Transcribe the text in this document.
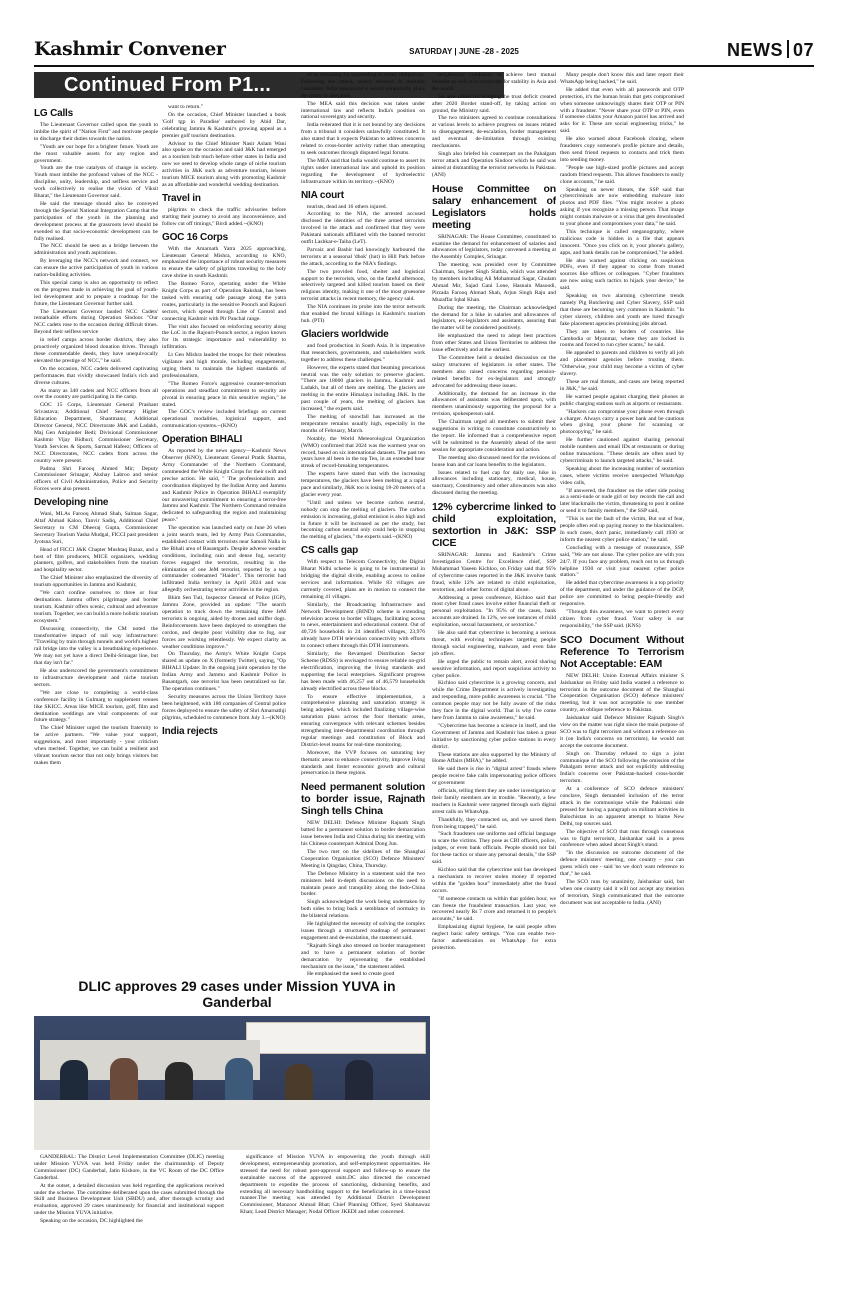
Kashmir Convener	SATURDAY | JUNE -28 - 2025	NEWS 07
Continued From P1...
LG Calls

The Lieutenant Governor called upon the youth to imbibe the spirit of "Nation First" and motivate people to discharge their duties towards the nation.

"Youth are our hope for a brighter future. Youth are the most valuable assets for any region and government.

Youth are the true catalysts of change in society. Youth must imbibe the profound values of the NCC - discipline, unity, leadership, and selfless service and work collectively to realise the vision of Viksit Bharat," the Lieutenant Governor said.

He said the message should also be conveyed through the Special National Integration Camp that the participation of the youth in the planning and development process at the grassroots level should be exended so that socio-economic development can be fully realised.

The NCC should be seen as a bridge between the administration and youth aspirations.

By leveraging the NCC's network and connect, we can ensure the active participation of youth in various nation-building activities.

This special camp is also an opportunity to reflect on the progress made in achieving the goal of youth-led development and to prepare a roadmap for the future, the Lieutenant Governor further said.

The Lieutenant Governor lauded NCC Cadets' remarkable efforts during Operation Sindoor. "Our NCC cadets rose to the occasion during difficult times. Beyond their selfless service

in relief camps across border districts, they also proactively organized blood donation drives. Through these commendable deeds, they have unequivocally elevated the prestige of NCC," he said.

On the occasion, NCC cadets delivered captivating performances that vividly showcased India's rich and diverse cultures.

As many as 340 cadets and NCC officers from all over the country are participating in the camp.

GOC 15 Corps, Lieutenant General Prashant Srivastava; Additional Chief Secretary Higher Education Department, Shantmanu; Additional Director General, NCC Directorate J&K and Ladakh, Maj Gen Amipinder Bedi; Divisional Commissioner Kashmir Vijay Bidhuri; Commissioner Secretary, Youth Services & Sports, Sarmad Hafeez; Officers of NCC Directorates, NCC cadets from across the country were present.

Padma Shri Farooq Ahmed Mir; Deputy Commissioner Srinagar, Akshay Labroo and senior officers of Civil Administration, Police and Security Forces were also present.

Developing nine

Wani, MLAs Farooq Ahmad Shah, Salman Sagar, Altaf Ahmad Kaloo, Tanvir Sadiq, Additional Chief Secretary to CM Dheeraj Gupta, Commissioner Secretary Tourism Yasha Mudgal, FICCI past president Jyotsna Suri,

Head of FICCI J&K Chapter Mushtaq Bazaz, and a host of film producers, MICE organizers, wedding planners, golfers, and stakeholders from the tourism and hospitality sector.

The Chief Minister also emphasized the diversity of tourism opportunities in Jammu and Kashmir,

"We can't confine ourselves to three or four destinations. Jammu offers pilgrimage and border tourism. Kashmir offers scenic, cultural and adventure tourism. Together, we can build a more holistic tourism ecosystem."

Discussing connectivity, the CM noted the transformative impact of rail way infrastructure: "Traveling by train through tunnels and world's highest rail bridge into the valley is a breathtaking experience. We may not yet have a direct Delhi-Srinagar line, but that day isn't far."

He also underscored the government's commitment to infrastructure development and niche tourism sectors.

"We are close to completing a world-class conference facility in Gulmarg to supplement venues like SKICC. Areas like MICE tourism, golf, film and destination weddings are vital components of our future strategy."

The Chief Minister urged the tourism fraternity to be active partners. "We value your support, suggestions, and most importantly - your criticism when merited. Together, we can build a resilient and vibrant tourism sector that not only brings visitors but makes them

want to return."

On the occasion, Chief Minister launched a book 'Golf tgp in Paradise' authored by Abid Dar, celebrating Jammu & Kashmir's growing appeal as a premier golf tourism destination.

Advisor to the Chief Minister Nasir Aslam Wani also spoke on the occasion and said J&K had emerged as a tourism hub much before other states in India and now we need to develop whole range of niche tourism activities in J&K such as adventure tourism, leisure tourism MICE tourism along with promoting Kashmir as an affordable and wonderful wedding destination.

Travel in

pilgrims to check the traffic advisories before starting their journey to avoid any inconvenience, and follow cut off timings," Birdi added.--(KNO)

GOC 16 Corps

With the Amarnath Yatra 2025 approaching, Lieutenant General Mishra, according to KNO, emphasized the importance of robust security measures to ensure the safety of pilgrims traveling to the holy cave shrine in south Kashmir.

The Romeo Force, operating under the White Knight Corps as part of Operation Rakshak, has been tasked with ensuring safe passage along the yatra routes, particularly in the sensitive Poonch and Rajouri sectors, which spread through Line of Control and connecting Kashmir with Pir Panchal range.

The visit also focused on reinforcing security along the LoC in the Rajouri-Poonch sector, a region known for its strategic importance and vulnerability to infiltration.

Lt Gen Mishra lauded the troops for their relentless vigilance and high morale, including engagements, urging them to maintain the highest standards of professionalism,

"The Romeo Force's aggressive counter-terrorism operations and steadfast commitment to security are pivotal in ensuring peace in this sensitive region," he stated.

The GOC's review included briefings on current operational modalities, logistical support, and communication systems.--(KNO)

Operation BIHALI

As reported by the news agency—Kashmir News Observer (KNO), Lieutenant General Pratik Sharma, Army Commander of the Northern Command, commended the White Knight Corps for their swift and precise action. He said, " The professionalism and coordination displayed by the Indian Army and Jammu and Kashmir Police in Operation BIHALI exemplify our unwavering commitment to ensuring a terror-free Jammu and Kashmir. The Northern Command remains dedicated to safeguarding the region and maintaining peace."

The operation was launched early on June 26 when a joint search team, led by Army Para Commandos, established contact with terrorists near Samoli Nalla in the Bihali area of Basantgarh. Despite adverse weather conditions, including rain and dense fog, security forces engaged the terrorists, resulting in the elimination of one JeM terrorist, reported by a top commander codenamed "Haider". This terrorist had infiltrated India territory in April 2024 and was allegedly orchestrating terror activities in the region.

Bhim Sen Tuti, Inspector General of Police (IGP), Jammu Zone, provided an update: "The search operation to track down the remaining three JeM terrorists is ongoing, aided by drones and sniffer dogs. Reinforcements have been deployed to strengthen the cordon, and despite poor visibility due to fog, our forces are working relentlessly. We expect clarity as weather conditions improve."

On Thursday, the Army's White Knight Corps shared an update on X (formerly Twitter), saying, "Op BIHALI Update: In the ongoing joint operation by the Indian Army and Jammu and Kashmir Police in Basantgarh, one terrorist has been neutralized so far. The operation continues."

Security measures across the Union Territory have been heightened, with 180 companies of Central police forces deployed to ensure the safety of Shri Amarnathji pilgrims, scheduled to commence from July 3.--(KNO)

India rejects

of its reasoning for suspending its treaty obligations. Following the attack, which resulted in multiple casualties, India announced it would temporarily place the treaty in abeyance.

The MEA said this decision was taken under international law and reflects India's position on national sovereignty and security.

India reiterated that it is not bound by any decisions from a tribunal it considers unlawfully constituted. It also stated that it expects Pakistan to address concerns related to cross-border activity rather than attempting to seek outcomes through disputed legal forums.

The MEA said that India would continue to assert its rights under international law and uphold its position regarding the development of hydroelectric infrastructure within its territory.--(KNO)

NIA court

tourists, dead and 16 others injured.

According to the NIA, the arrested accused disclosed the identities of the three armed terrorists involved in the attack and confirmed that they were Pakistani nationals affiliated with the banned terrorist outfit Lashkar-e-Taiba (LeT).

Parvaiz and Bashir had knowingly harboured the terrorists at a seasonal 'dhok' (hut) in Hill Park before the attack, according to the NIA's findings.

The two provided food, shelter and logistical support to the terrorists, who, on the fateful afternoon, selectively targeted and killed tourists based on their religious identity, making it one of the most gruesome terrorist attacks in recent memory, the agency said.

The NIA continues its probe into the terror network that enabled the brutal killings in Kashmir's tourism hub. (PTI)

Glaciers worldwide

and food production in South Asia. It is imperative that researchers, governments, and stakeholders work together to address these challenges."

However, the experts stated that beaming precarious neutral was the only solution to preserve glaciers. "There are 18000 glaciers in Jammu, Kashmir and Ladakh, but all of them are melting. The glaciers are melting in the entire Himalaya including J&K. In the past couple of years, the melting of glaciers has increased," the experts said.

The melting of snowfall has increased as the temperature remains usually high, especially in the months of February, March.

Notably, the World Meteorological Organization (WMO) confirmed that 2024 was the warmest year on record, based on six international datasets. The past ten years have all been in the top Ten, in an extended hour streak of record-breaking temperatures.

The experts have stated that with the increasing temperatures, the glaciers have been melting at a rapid pace and similarly, J&K too is losing 18-20 meters of a glacier every year.

"Until and unless we become carbon neutral, nobody can stop the melting of glaciers. The carbon emission is increasing, global emission is also high and in future it will be increased as per the study, but becoming carbon neutral only could help in stopping the melting of glaciers," the experts said.--(KNO)

CS calls gap

With respect to Telecom Connectivity, the Digital Bharat Nidhi scheme is going to be instrumental in bridging the digital divide, enabling access to online services and information. While 83 villages are currently covered, plans are in motion to connect the remaining 41 villages.

Similarly, the Broadcasting Infrastructure and Network Development (BIND) scheme is extending television access to border villages, facilitating access to news, entertainment and educational content. Out of 40,726 households in 24 identified villages, 23,976 already have DTH television connectivity with efforts to connect others through this DTH instruments.

Similarly, the Revamped Distribution Sector Scheme (RDSS) is envisaged to ensure reliable on-grid electrification, improving the living standards and supporting the local enterprises. Significant progress has been made with 46,257 out of 46,579 households already electrified across these blocks.

To ensure effective implementation, a comprehensive planning and saturation strategy is being adopted, which included finalizing village-wise saturation plans across the four thematic areas, ensuring convergence with relevant schemes besides strengthening inter-departmental coordination through regular meetings and constitution of Block and District-level teams for real-time monitoring.

Moreover, the VVP focuses on saturating key thematic areas to enhance connectivity, improve living standards and foster economic growth and cultural preservation in these regions.

Need permanent solution to border issue, Rajnath Singh tells China

NEW DELHI: Defence Minister Rajnath Singh batted for a permanent solution to border demarcation issue between India and China during his meeting with his Chinese counterpart Admiral Dong Jun.

The two met on the sidelines of the Shanghai Cooperation Organisation (SCO) Defence Ministers' Meeting in Qingdao, China, Thursday.

The Defence Ministry in a statement said the two ministers held in-depth discussions on the need to maintain peace and tranquility along the Indo-China border.

Singh acknowledged the work being undertaken by both sides to bring back a semblance of normalcy in the bilateral relations.

He highlighted the necessity of solving the complex issues through a structured roadmap of permanent engagement and de-escalation, the statement said.

"Rajnath Singh also stressed on border management and to have a permanent solution of border demarcation by rejuvenating the established mechanism on the issue," the statement added.

He emphasised the need to create good

neighbourly conditions to achieve best mutual benefits as well as to cooperate for stability in Asia and the world.

He also called for bridging the trust deficit created after 2020 Border stand-off, by taking action on ground, the Ministry said.

The two ministers agreed to continue consultations at various levels to achieve progress on issues related to disengagement, de-escalation, border management and eventual de-limitation through existing mechanisms.

Singh also briefed his counterpart on the Pahalgam terror attack and Operation Sindoor which he said was aimed at dismantling the terrorist networks in Pakistan. (ANI)

House Committee on salary enhancement of Legislators holds meeting

SRINAGAR: The House Committee, constituted to examine the demand for enhancement of salaries and allowances of legislators, today convened a meeting at the Assembly Complex, Srinagar.

The meeting was presided over by Committee Chairman, Surjeet Singh Slathia, which was attended by members including Ali Mohammad Sagar, Ghulam Ahmad Mir, Sajad Gani Lone, Hasnain Masoodi, Pirzada Farooq Ahmad Shah, Arjun Singh Raju and Muzaffar Iqbal Khan.

During the meeting, the Chairman acknowledged the demand for a hike in salaries and allowances of legislators, ex-legislators and assistants, assuring that the matter will be considered positively.

He emphasized the need to adopt best practices from other States and Union Territories to address the issue effectively and at the earliest.

The Committee held a detailed discussion on the salary structures of legislators in other states. The members also raised concerns regarding pension-related benefits for ex-legislators and strongly advocated for addressing these issues.

Additionally, the demand for an increase in the allowances of assistants was deliberated upon, with members unanimously supporting the proposal for a revision, spokesperson said.

The Chairman urged all members to submit their suggestions in writing to constitute constructively to the report. He informed that a comprehensive report will be submitted to the Assembly ahead of the next session for appropriate consideration and action.

The meeting also discussed need for the revisions of house loan and car loans benefits to the legislators.

Issues related to fuel cap for daily use, hike in allowances including stationary, medical, house, sanctuary, Constituency and other allowances was also discussed during the meeting.

12% cybercrime linked to child exploitation, sextortion in J&K: SSP CICE

SRINAGAR: Jammu and Kashmir's Crime Investigation Centre for Excellence chief, SSP Muhammad Yaseen Kichloo, on Friday said that 95% of cybercrime cases reported in the J&K involve bank fraud, while 12% are related to child exploitation, sextortion, and other forms of digital abuse.

Addressing a press conference, Kichloo said that most cyber fraud cases involve either financial theft or personal exploitation. "In 95% of the cases, bank accounts are drained. In 12%, we see instances of child exploitation, sexual harassment, or sextortion."

He also said that cybercrime is becoming a serious threat, with evolving techniques targeting people through social engineering, malware, and even fake job offers.

He urged the public to remain alert, avoid sharing sensitive information, and report suspicious activity to cyber police.

Kichloo said cybercrime is a growing concern, and while the Crime Department is actively investigating and responding, more public awareness is crucial. "The common people may not be fully aware of the risks they face in the digital world. That is why I've come here from Jammu to raise awareness," he said.

"Cybercrime has become a science in itself, and the Government of Jammu and Kashmir has taken a great initiative by sanctioning cyber police stations in every district.

These stations are also supported by the Ministry of Home Affairs (MHA)," he added.

He said there is rise in "digital arrest" frauds where people receive fake calls impersonating police officers or government

officials, telling them they are under investigation or their family members are in trouble. "Recently, a few teachers in Kashmir were targeted through such digital arrest calls on WhatsApp.

Thankfully, they contacted us, and we saved them from being trapped," he said.

"Such fraudsters use uniforms and official language to scare the victims. They pose as CBI officers, police, judges, or even bank officials. People should not fall for these tactics or share any personal details," the SSP said.

Kichloo said that the cybercrime unit has developed a mechanism to recover stolen money if reported within the "golden hour" immediately after the fraud occurs.

"If someone contacts us within that golden hour, we can freeze the fraudulent transaction. Last year, we recovered nearly Rs 7 crore and returned it to people's accounts," he said.

Emphasizing digital hygiene, he said people often neglect basic safety settings. "You can enable two-factor authentication on WhatsApp for extra protection.

Many people don't know this and later report their WhatsApp being hacked," he said.

He added that even with all passwords and OTP protection, it's the human brain that gets compromised when someone unknowingly shares their OTP or PIN with a fraudster. "Never share your OTP or PIN, even if someone claims your Amazon parcel has arrived and asks for it. These are social engineering tricks," he said.

He also warned about Facebook cloning, where fraudsters copy someone's profile picture and details, then send friend requests to contacts and trick them into sending money.

"People use high-sized profile pictures and accept random friend requests. This allows fraudsters to easily clone accounts," he said.

Speaking on newer threats, the SSP said that cybercriminals are now embedding malware into photos and PDF files. "You might receive a photo asking if you recognize a missing person. That image might contain malware or a virus that gets downloaded to your phone and compromises your data," he said.

This technique is called steganography, where malicious code is hidden in a file that appears innocent. "Once you click on it, your phone's gallery, apps, and bank details can be compromised," he added.

He also warned against clicking on suspicious PDFs, even if they appear to come from trusted sources like offices or colleagues. "Cyber fraudsters are now using such tactics to hijack your device," he said.

Speaking on two alarming cybercrime trends namely Pig Butchering and Cyber Slavery, SSP said that these are becoming very common in Kashmir. "In cyber slavery, children and youth are lured through fake placement agencies promising jobs abroad.

They are taken to borders of countries like Cambodia or Myanmar, where they are locked in rooms and forced to run cyber scams," he said.

He appealed to parents and children to verify all job and placement agencies before trusting them. "Otherwise, your child may become a victim of cyber slavery.

These are real threats, and cases are being reported in J&K," he said.

He warned people against charging their phones at public charging stations such as airports or restaurants.

"Hackers can compromise your phone even through a charger. Always carry a power bank and be cautious when giving your phone for scanning or photocopying," he said.

He further cautioned against sharing personal mobile numbers and email IDs at restaurants or during online transactions. "These details are often used by cybercriminals to launch targeted attacks," he said.

Speaking about the increasing number of sextortion cases, where victims receive unexpected WhatsApp video calls,

"If answered, the fraudster on the other side posing as a semi-nude or nude girl or boy records the call and later blackmails the victim, threatening to post it online or send it to family members," the SSP said,

"This is not the fault of the victim, But out of fear, people often end up paying money to the blackmailers. In such cases, don't panic, immediately call 1930 or inform the nearest cyber police station," he said.

Concluding with a message of reassurance, SSP said, "We are not alone. The cyber police are with you 24/7. If you face any problem, reach out to us through helpline 1930 or visit your nearest cyber police station."

He added that cybercrime awareness is a top priority of the department, and under the guidance of the DGP, police are committed to being people-friendly and responsive.

"Through this awareness, we want to protect every citizen from cyber fraud. Your safety is our responsibility," the SSP said. (KNS)

SCO Document Without Reference To Terrorism Not Acceptable: EAM

NEW DELHI: Union External Affairs minister S Jaishankar on Friday said India wanted a reference to terrorism in the outcome document of the Shanghai Cooperation Organisation (SCO) defence ministers' meeting, but it was not acceptable to one member country, an oblique reference to Pakistan.

Jaishankar said Defence Minister Rajnath Singh's view on the matter was right since the main purpose of SCO was to fight terrorism and without a reference on it (on India's concerns on terrorism), he would not accept the outcome document.

Singh on Thursday refused to sign a joint communique of the SCO following the omission of the Pahalgam terror attack and not explicitly addressing India's concerns over Pakistan-backed cross-border terrorism.

At a conference of SCO defence ministers' conclave, Singh demanded inclusion of the terror attack in the communique while the Pakistani side pressed for having a paragraph on militant activities in Balochistan in an apparent attempt to blame New Delhi, top sources said.

The objective of SCO that runs through consensus was to fight terrorism, Jaishankar said in a press conference when asked about Singh's stand.

"In the discussion on outcome document of the defence ministers' meeting, one country - you can guess which one - said 'no we don't want reference to that'," he said.

The SCO runs by unanimity, Jaishankar said, but when one country said it will not accept any mention of terrorism, Singh communicated that the outcome document was not acceptable to India. (ANI)

DLIC approves 29 cases under Mission YUVA in Ganderbal

GANDERBAL: The District Level Implementation Committee (DLIC) meeting under Mission YUVA was held Friday under the chairmanship of Deputy Commissioner (DC) Ganderbal, Jatin Kishore, in the VC Room of the DC Office Ganderbal.

At the outset, a detailed discussion was held regarding the applications received under the scheme. The committee deliberated upon the cases submitted through the Skill and Business Development Unit (SBDU) and, after thorough scrutiny and evaluation, approved 29 cases unanimously for financial and institutional support under the Mission YUVA initiative.

Speaking on the occasion, DC highlighted the

significance of Mission YUVA in empowering the youth through skill development, entrepreneurship promotion, and self-employment opportunities. He stressed the need for robust post-approval support and follow-up to ensure the sustainable success of the approved units.DC also directed the concerned departments to expedite the process of sanctioning, disbursing benefits, and extending all necessary handholding support to the beneficiaries in a time-bound manner.The meeting was attended by Additional District Development Commissioner, Manzoor Ahmad Bhat; Chief Planning Officer, Syed Shahnawaz Khan; Lead District Manager; Nodal Officer JKEDI and other concerned.
